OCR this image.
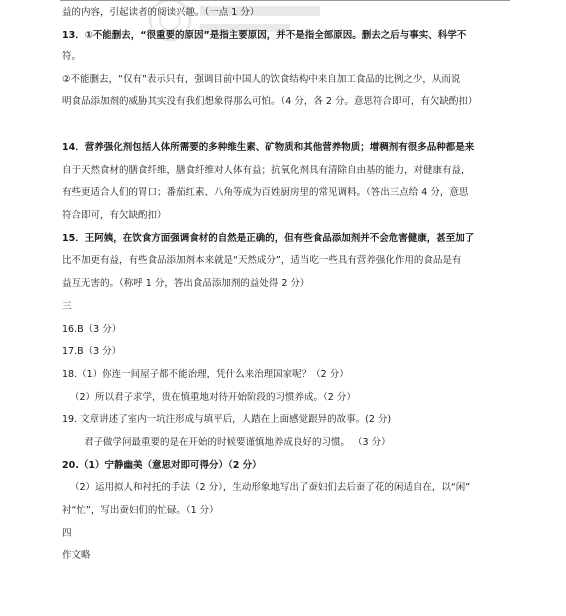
益的内容，引起读者的阅读兴趣。（一点 1 分）
13．①不能删去，“很重要的原因”是指主要原因，并不是指全部原因。删去之后与事实、科学不
符。
②不能删去，“仅有”表示只有，强调目前中国人的饮食结构中来自加工食品的比例之少，从而说
明食品添加剂的威胁其实没有我们想象得那么可怕。（4 分，各 2 分。意思符合即可，有欠缺酌扣）
14．营养强化剂包括人体所需要的多种维生素、矿物质和其他营养物质；增稠剂有很多品种都是来
自于天然食材的膳食纤维，膳食纤维对人体有益；抗氧化剂具有清除自由基的能力，对健康有益，
有些更适合人们的胃口；番茄红素、八角等成为百姓厨房里的常见调料。（答出三点给 4 分，意思
符合即可，有欠缺酌扣）
15．王阿姨，在饮食方面强调食材的自然是正确的，但有些食品添加剂并不会危害健康，甚至加了
比不加更有益，有些食品添加剂本来就是“天然成分”，适当吃一些具有营养强化作用的食品是有
益互无害的。（称呼 1 分，答出食品添加剂的益处得 2 分）
三
16.B（3 分）
17.B（3 分）
18.（1）你连一间屋子都不能治理，凭什么来治理国家呢？（2 分）
（2）所以君子求学，贵在慎重地对待开始阶段的习惯养成。（2 分）
19. 文章讲述了室内一坑注形成与填平后，人踏在上面感觉跟异的故事。(2 分)
君子做学问最重要的是在开始的时候要谨慎地养成良好的习惯。 （3 分）
20.（1）宁静幽美（意思对即可得分）（2 分）
（2）运用拟人和衬托的手法（2 分），生动形象地写出了蚕妇们去后蚕了花的闲适自在，以“闲”
衬“忙”，写出蚕妇们的忙碌。（1 分）
四
作文略
